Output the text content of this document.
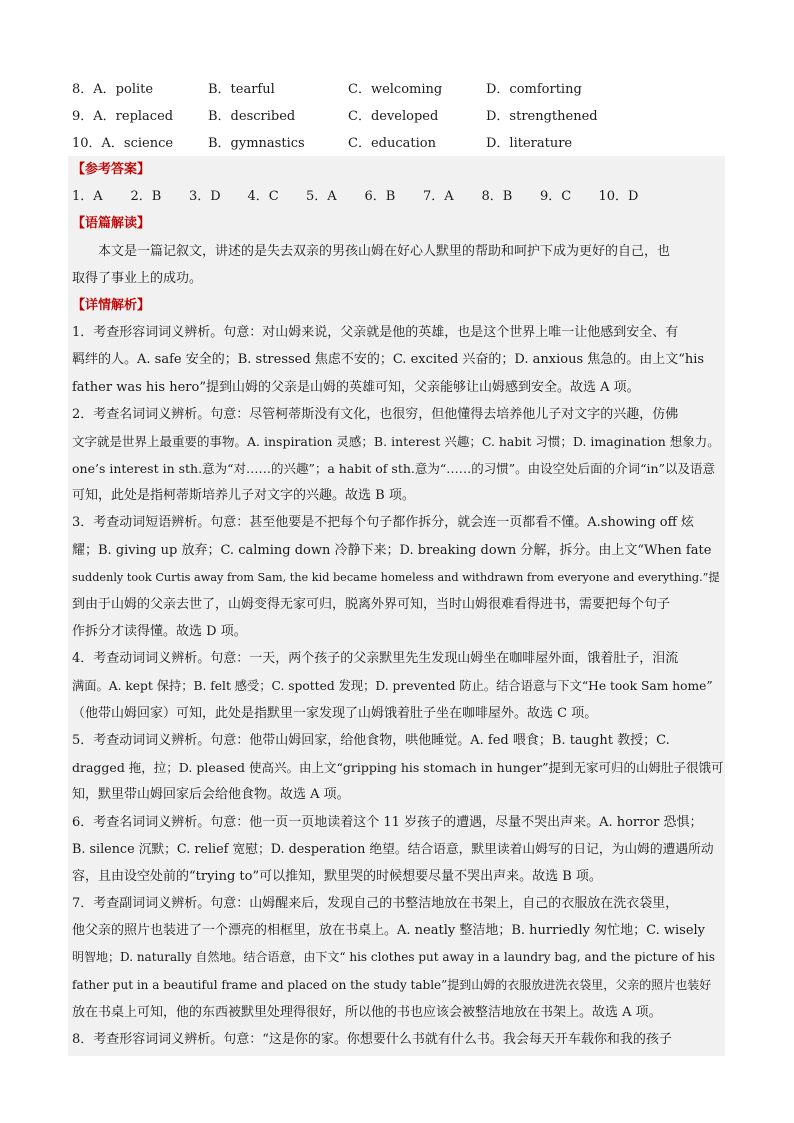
8．A．polite	B．tearful	C．welcoming	D．comforting
9．A．replaced	B．described	C．developed	D．strengthened
10．A．science	B．gymnastics	C．education	D．literature
【参考答案】
1．A	2．B	3．D	4．C	5．A	6．B	7．A	8．B	9．C	10．D
【语篇解读】
本文是一篇记叙文，讲述的是失去双亲的男孩山姆在好心人默里的帮助和呵护下成为更好的自己，也
取得了事业上的成功。
【详情解析】
1．考查形容词词义辨析。句意：对山姆来说，父亲就是他的英雄，也是这个世界上唯一让他感到安全、有
羁绊的人。A. safe 安全的；B. stressed 焦虑不安的；C. excited 兴奋的；D. anxious 焦急的。由上文“his
father was his hero”提到山姆的父亲是山姆的英雄可知，父亲能够让山姆感到安全。故选 A 项。
2．考查名词词义辨析。句意：尽管柯蒂斯没有文化，也很穷，但他懂得去培养他儿子对文字的兴趣，仿佛
文字就是世界上最重要的事物。A. inspiration 灵感；B. interest 兴趣；C. habit 习惯；D. imagination 想象力。
one’s interest in sth.意为“对……的兴趣”；a habit of sth.意为“……的习惯”。由设空处后面的介词“in”以及语意
可知，此处是指柯蒂斯培养儿子对文字的兴趣。故选 B 项。
3．考查动词短语辨析。句意：甚至他要是不把每个句子都作拆分，就会连一页都看不懂。A.showing off 炫
耀；B. giving up 放弃；C. calming down 冷静下来；D. breaking down 分解，拆分。由上文“When fate
suddenly took Curtis away from Sam, the kid became homeless and withdrawn from everyone and everything.”提
到由于山姆的父亲去世了，山姆变得无家可归，脱离外界可知，当时山姆很难看得进书，需要把每个句子
作拆分才读得懂。故选 D 项。
4．考查动词词义辨析。句意：一天，两个孩子的父亲默里先生发现山姆坐在咖啡屋外面，饿着肚子，泪流
满面。A. kept 保持；B. felt 感受；C. spotted 发现；D. prevented 防止。结合语意与下文“He took Sam home”
（他带山姆回家）可知，此处是指默里一家发现了山姆饿着肚子坐在咖啡屋外。故选 C 项。
5．考查动词词义辨析。句意：他带山姆回家，给他食物，哄他睡觉。A. fed 喂食；B. taught 教授；C.
dragged 拖，拉；D. pleased 使高兴。由上文“gripping his stomach in hunger”提到无家可归的山姆肚子很饿可
知，默里带山姆回家后会给他食物。故选 A 项。
6．考查名词词义辨析。句意：他一页一页地读着这个 11 岁孩子的遭遇，尽量不哭出声来。A. horror 恐惧；
B. silence 沉默；C. relief 宽慰；D. desperation 绝望。结合语意，默里读着山姆写的日记，为山姆的遭遇所动
容，且由设空处前的“trying to”可以推知，默里哭的时候想要尽量不哭出声来。故选 B 项。
7．考查副词词义辨析。句意：山姆醒来后，发现自己的书整洁地放在书架上，自己的衣服放在洗衣袋里，
他父亲的照片也装进了一个漂亮的相框里，放在书桌上。A. neatly 整洁地；B. hurriedly 匆忙地；C. wisely
明智地；D. naturally 自然地。结合语意，由下文“ his clothes put away in a laundry bag, and the picture of his
father put in a beautiful frame and placed on the study table”提到山姆的衣服放进洗衣袋里，父亲的照片也装好
放在书桌上可知，他的东西被默里处理得很好，所以他的书也应该会被整洁地放在书架上。故选 A 项。
8．考查形容词词义辨析。句意：“这是你的家。你想要什么书就有什么书。我会每天开车载你和我的孩子
